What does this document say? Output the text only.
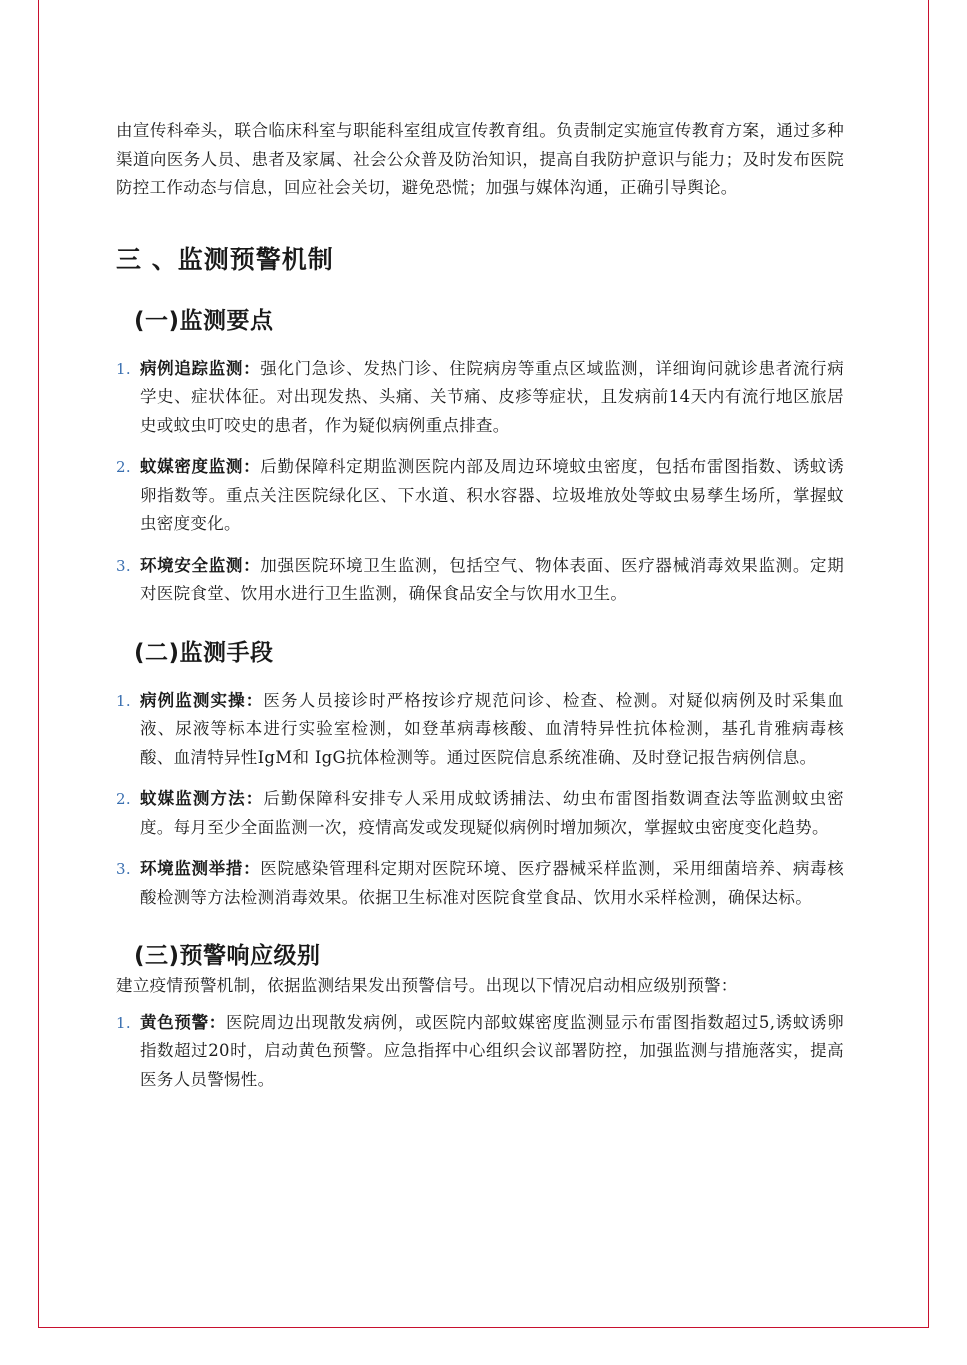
由宣传科牵头，联合临床科室与职能科室组成宣传教育组。负责制定实施宣传教育方案，通过多种渠道向医务人员、患者及家属、社会公众普及防治知识，提高自我防护意识与能力；及时发布医院防控工作动态与信息，回应社会关切，避免恐慌；加强与媒体沟通，正确引导舆论。

三 、监测预警机制
(一)监测要点
1. 病例追踪监测：强化门急诊、发热门诊、住院病房等重点区域监测，详细询问就诊患者流行病学史、症状体征。对出现发热、头痛、关节痛、皮疹等症状，且发病前14天内有流行地区旅居史或蚊虫叮咬史的患者，作为疑似病例重点排查。
2. 蚊媒密度监测：后勤保障科定期监测医院内部及周边环境蚊虫密度，包括布雷图指数、诱蚊诱卵指数等。重点关注医院绿化区、下水道、积水容器、垃圾堆放处等蚊虫易孳生场所，掌握蚊虫密度变化。
3. 环境安全监测：加强医院环境卫生监测，包括空气、物体表面、医疗器械消毒效果监测。定期对医院食堂、饮用水进行卫生监测，确保食品安全与饮用水卫生。
(二)监测手段
1. 病例监测实操：医务人员接诊时严格按诊疗规范问诊、检查、检测。对疑似病例及时采集血液、尿液等标本进行实验室检测，如登革病毒核酸、血清特异性抗体检测，基孔肯雅病毒核酸、血清特异性IgM和 IgG抗体检测等。通过医院信息系统准确、及时登记报告病例信息。
2. 蚊媒监测方法：后勤保障科安排专人采用成蚊诱捕法、幼虫布雷图指数调查法等监测蚊虫密度。每月至少全面监测一次，疫情高发或发现疑似病例时增加频次，掌握蚊虫密度变化趋势。
3. 环境监测举措：医院感染管理科定期对医院环境、医疗器械采样监测，采用细菌培养、病毒核酸检测等方法检测消毒效果。依据卫生标准对医院食堂食品、饮用水采样检测，确保达标。
(三)预警响应级别

建立疫情预警机制，依据监测结果发出预警信号。出现以下情况启动相应级别预警：

1. 黄色预警：医院周边出现散发病例，或医院内部蚊媒密度监测显示布雷图指数超过5,诱蚊诱卵指数超过20时，启动黄色预警。应急指挥中心组织会议部署防控，加强监测与措施落实，提高医务人员警惕性。
